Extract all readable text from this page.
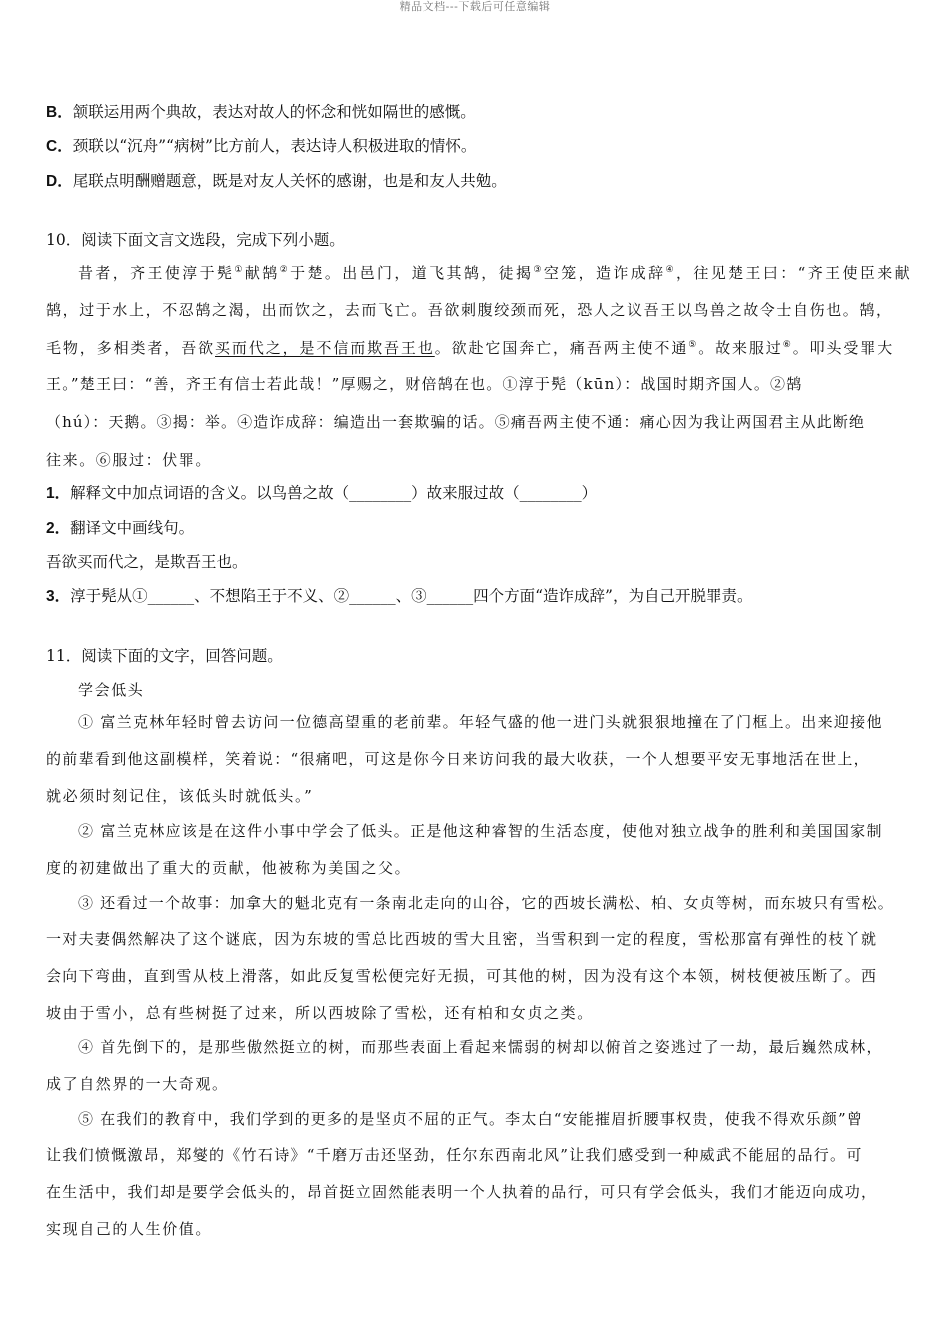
精品文档---下载后可任意编辑
B．颔联运用两个典故，表达对故人的怀念和恍如隔世的感慨。
C．颈联以“沉舟”“病树”比方前人，表达诗人积极进取的情怀。
D．尾联点明酬赠题意，既是对友人关怀的感谢，也是和友人共勉。
10．阅读下面文言文选段，完成下列小题。
昔者，齐王使淳于髡①献鹄②于楚。出邑门，道飞其鹄，徒揭③空笼，造诈成辞④，往见楚王曰：“齐王使臣来献
鹄，过于水上，不忍鹄之渴，出而饮之，去而飞亡。吾欲刺腹绞颈而死，恐人之议吾王以鸟兽之故令士自伤也。鹄，
毛物，多相类者，吾欲买而代之，是不信而欺吾王也。欲赴它国奔亡，痛吾两主使不通⑤。故来服过⑥。叩头受罪大
王。”楚王曰：“善，齐王有信士若此哉！”厚赐之，财倍鹄在也。①淳于髡（kūn）：战国时期齐国人。②鹄
（hú）：天鹅。③揭：举。④造诈成辞：编造出一套欺骗的话。⑤痛吾两主使不通：痛心因为我让两国君主从此断绝
往来。⑥服过：伏罪。
1．解释文中加点词语的含义。以鸟兽之故（________）故来服过故（________）
2．翻译文中画线句。
吾欲买而代之，是欺吾王也。
3．淳于髡从①______、不想陷王于不义、②______、③______四个方面“造诈成辞”，为自己开脱罪责。
11．阅读下面的文字，回答问题。
学会低头
① 富兰克林年轻时曾去访问一位德高望重的老前辈。年轻气盛的他一进门头就狠狠地撞在了门框上。出来迎接他
的前辈看到他这副模样，笑着说：“很痛吧，可这是你今日来访问我的最大收获，一个人想要平安无事地活在世上，
就必须时刻记住，该低头时就低头。”
② 富兰克林应该是在这件小事中学会了低头。正是他这种睿智的生活态度，使他对独立战争的胜利和美国国家制
度的初建做出了重大的贡献，他被称为美国之父。
③ 还看过一个故事：加拿大的魁北克有一条南北走向的山谷，它的西坡长满松、柏、女贞等树，而东坡只有雪松。
一对夫妻偶然解决了这个谜底，因为东坡的雪总比西坡的雪大且密，当雪积到一定的程度，雪松那富有弹性的枝丫就
会向下弯曲，直到雪从枝上滑落，如此反复雪松便完好无损，可其他的树，因为没有这个本领，树枝便被压断了。西
坡由于雪小，总有些树挺了过来，所以西坡除了雪松，还有柏和女贞之类。
④ 首先倒下的，是那些傲然挺立的树，而那些表面上看起来懦弱的树却以俯首之姿逃过了一劫，最后巍然成林，
成了自然界的一大奇观。
⑤ 在我们的教育中，我们学到的更多的是坚贞不屈的正气。李太白“安能摧眉折腰事权贵，使我不得欢乐颜”曾
让我们愤慨激昂，郑燮的《竹石诗》“千磨万击还坚劲，任尔东西南北风”让我们感受到一种威武不能屈的品行。可
在生活中，我们却是要学会低头的，昂首挺立固然能表明一个人执着的品行，可只有学会低头，我们才能迈向成功，
实现自己的人生价值。
